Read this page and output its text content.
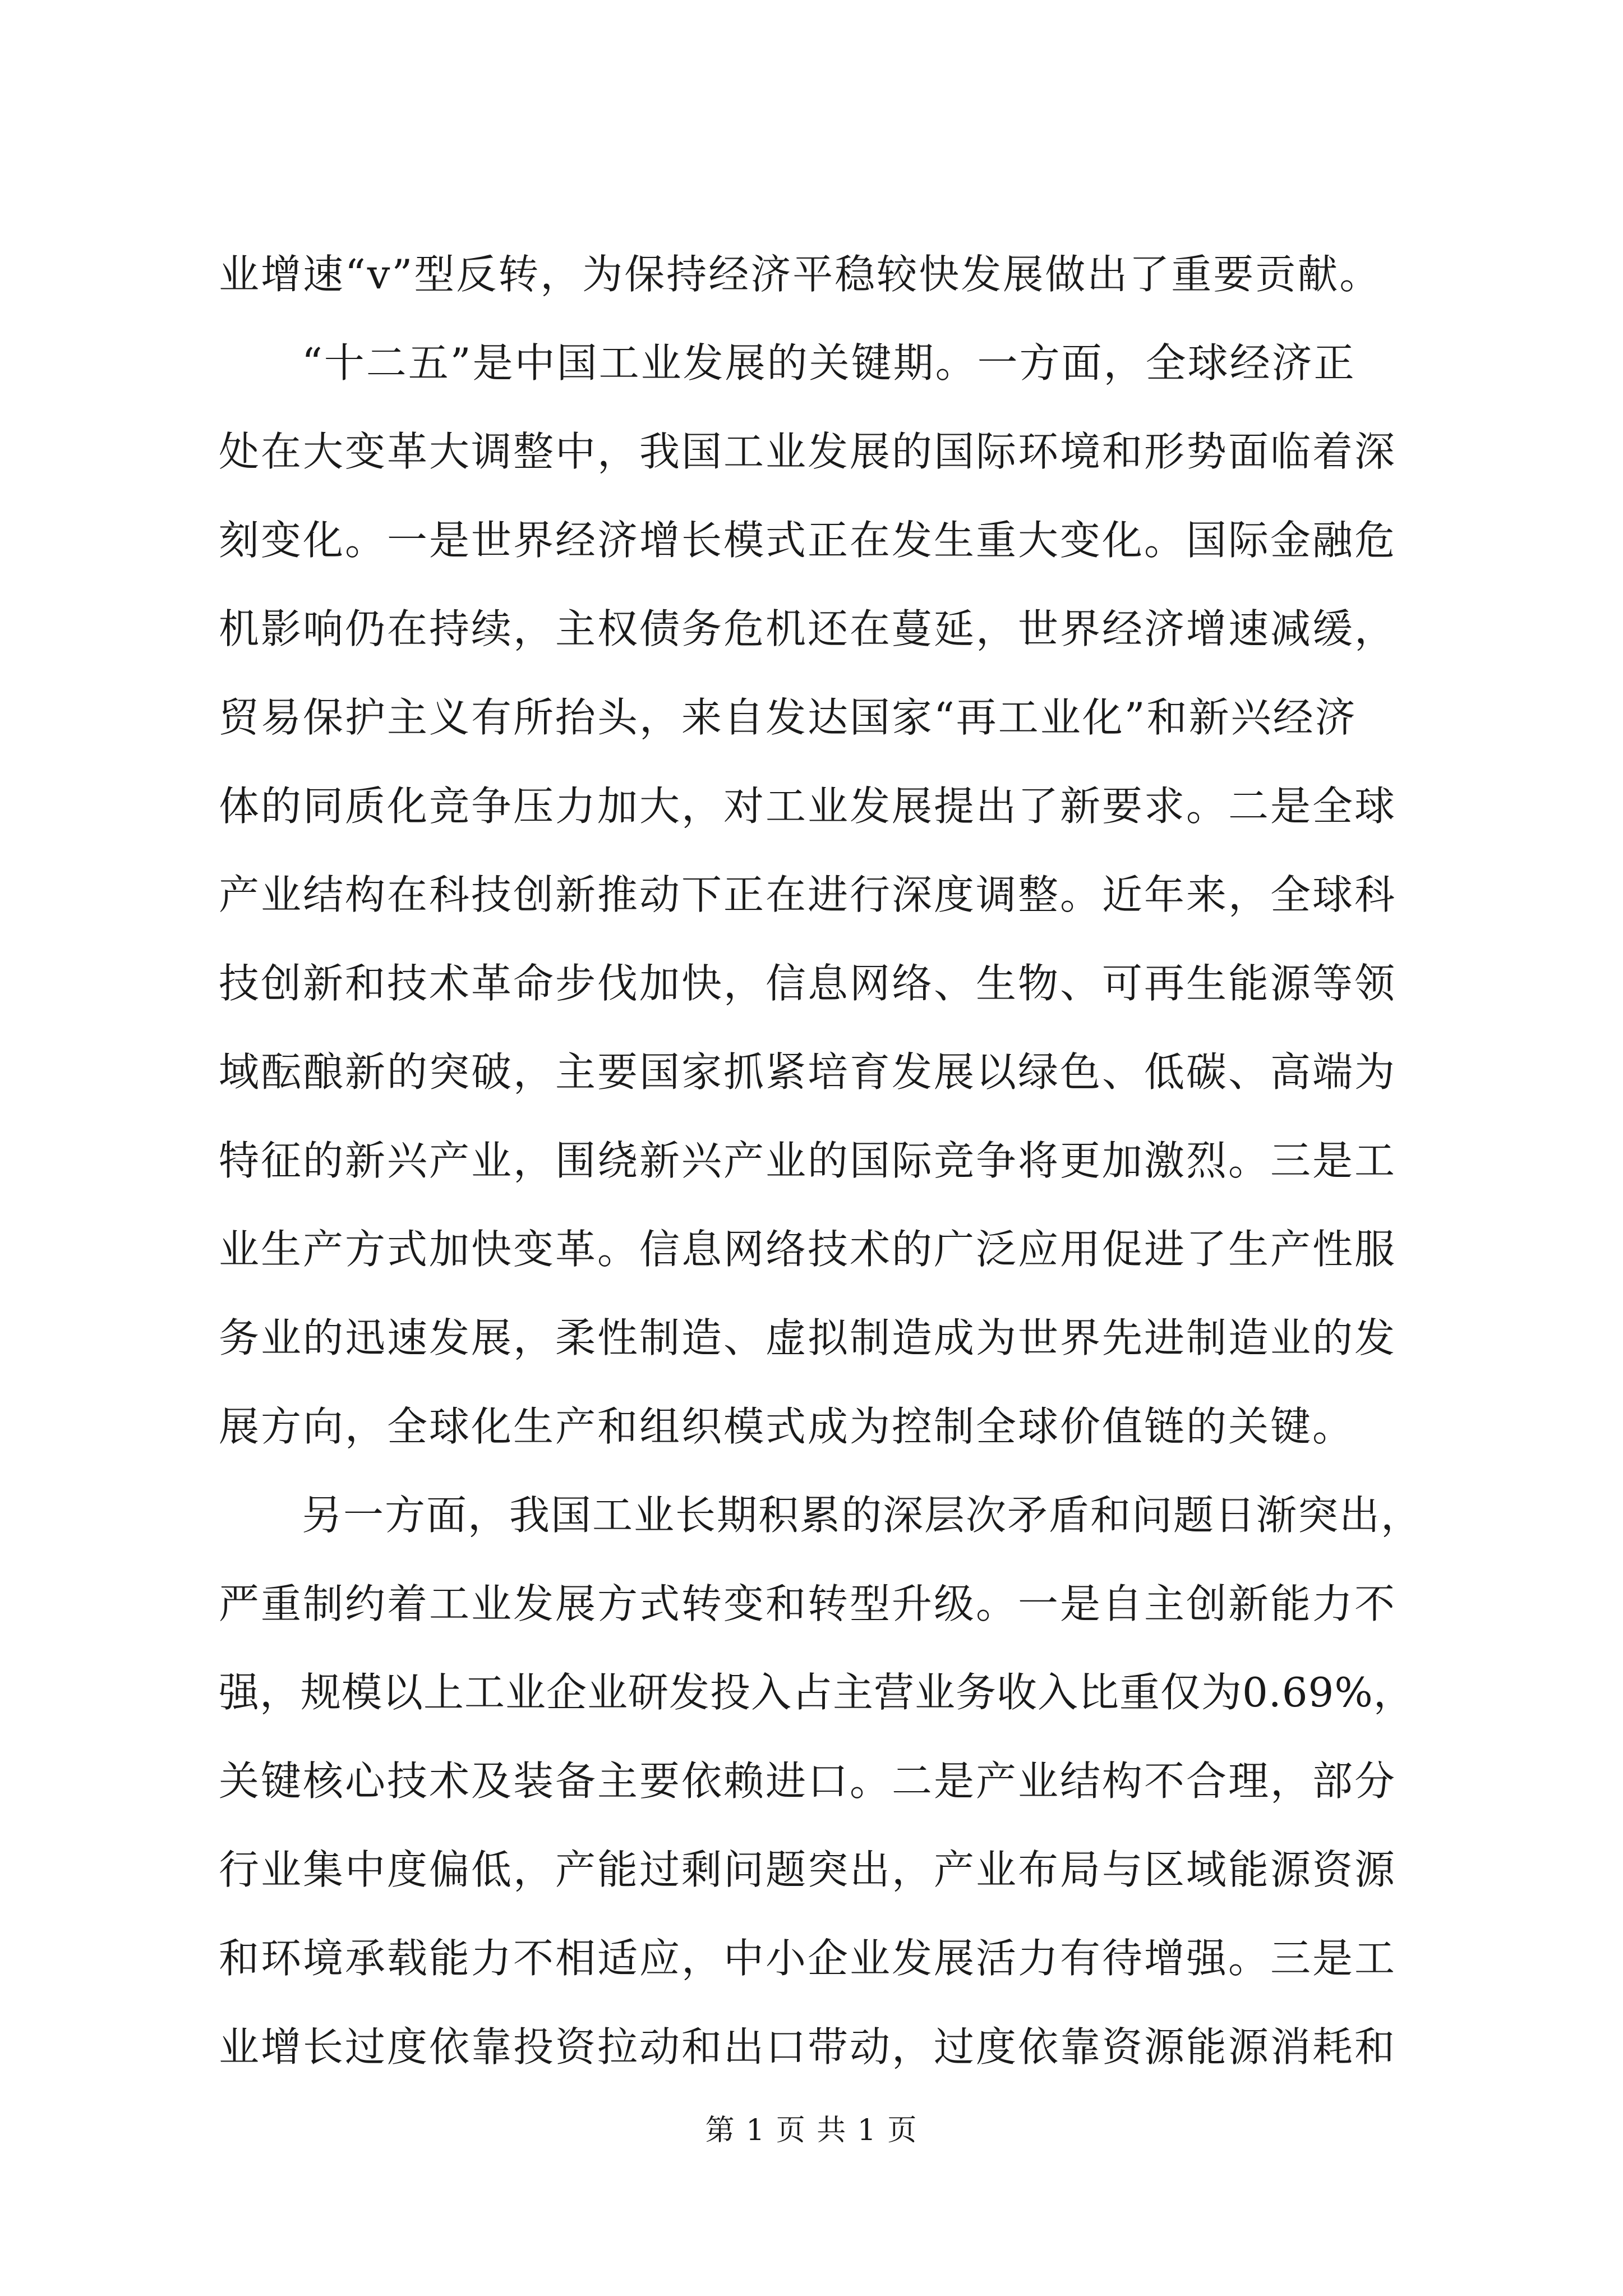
业增速“v”型反转，为保持经济平稳较快发展做出了重要贡献。
“十二五”是中国工业发展的关键期。一方面，全球经济正
处在大变革大调整中，我国工业发展的国际环境和形势面临着深
刻变化。一是世界经济增长模式正在发生重大变化。国际金融危
机影响仍在持续，主权债务危机还在蔓延，世界经济增速减缓，
贸易保护主义有所抬头，来自发达国家“再工业化”和新兴经济
体的同质化竞争压力加大，对工业发展提出了新要求。二是全球
产业结构在科技创新推动下正在进行深度调整。近年来，全球科
技创新和技术革命步伐加快，信息网络、生物、可再生能源等领
域酝酿新的突破，主要国家抓紧培育发展以绿色、低碳、高端为
特征的新兴产业，围绕新兴产业的国际竞争将更加激烈。三是工
业生产方式加快变革。信息网络技术的广泛应用促进了生产性服
务业的迅速发展，柔性制造、虚拟制造成为世界先进制造业的发
展方向，全球化生产和组织模式成为控制全球价值链的关键。
另一方面，我国工业长期积累的深层次矛盾和问题日渐突出，
严重制约着工业发展方式转变和转型升级。一是自主创新能力不
强，规模以上工业企业研发投入占主营业务收入比重仅为0.69%，
关键核心技术及装备主要依赖进口。二是产业结构不合理，部分
行业集中度偏低，产能过剩问题突出，产业布局与区域能源资源
和环境承载能力不相适应，中小企业发展活力有待增强。三是工
业增长过度依靠投资拉动和出口带动，过度依靠资源能源消耗和
第 1 页 共 1 页
